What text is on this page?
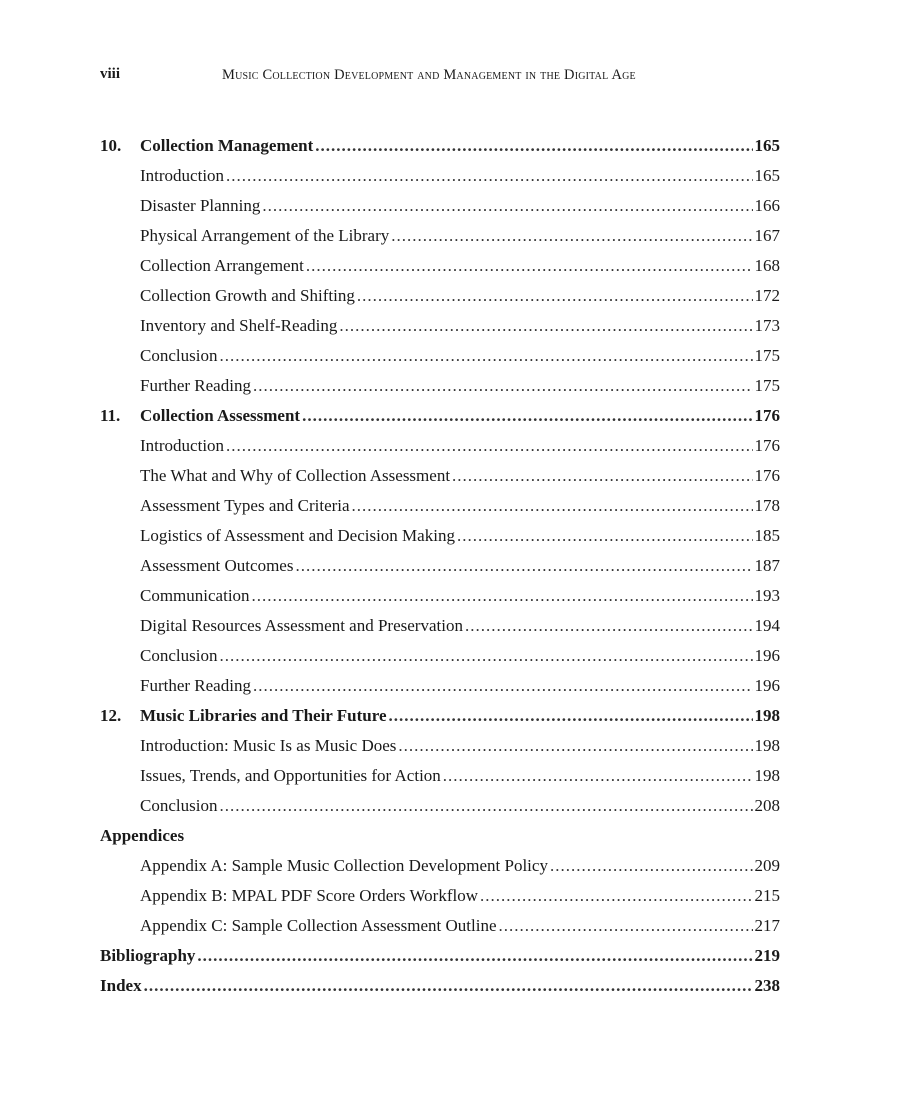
viii	Music Collection Development and Management in the Digital Age
10.	Collection Management .....	165
Introduction .....	165
Disaster Planning .....	166
Physical Arrangement of the Library .....	167
Collection Arrangement .....	168
Collection Growth and Shifting .....	172
Inventory and Shelf-Reading .....	173
Conclusion .....	175
Further Reading .....	175
11.	Collection Assessment .....	176
Introduction .....	176
The What and Why of Collection Assessment .....	176
Assessment Types and Criteria .....	178
Logistics of Assessment and Decision Making .....	185
Assessment Outcomes .....	187
Communication .....	193
Digital Resources Assessment and Preservation .....	194
Conclusion .....	196
Further Reading .....	196
12.	Music Libraries and Their Future .....	198
Introduction: Music Is as Music Does .....	198
Issues, Trends, and Opportunities for Action .....	198
Conclusion .....	208
Appendices
Appendix A: Sample Music Collection Development Policy .....	209
Appendix B: MPAL PDF Score Orders Workflow .....	215
Appendix C: Sample Collection Assessment Outline .....	217
Bibliography .....	219
Index .....	238
